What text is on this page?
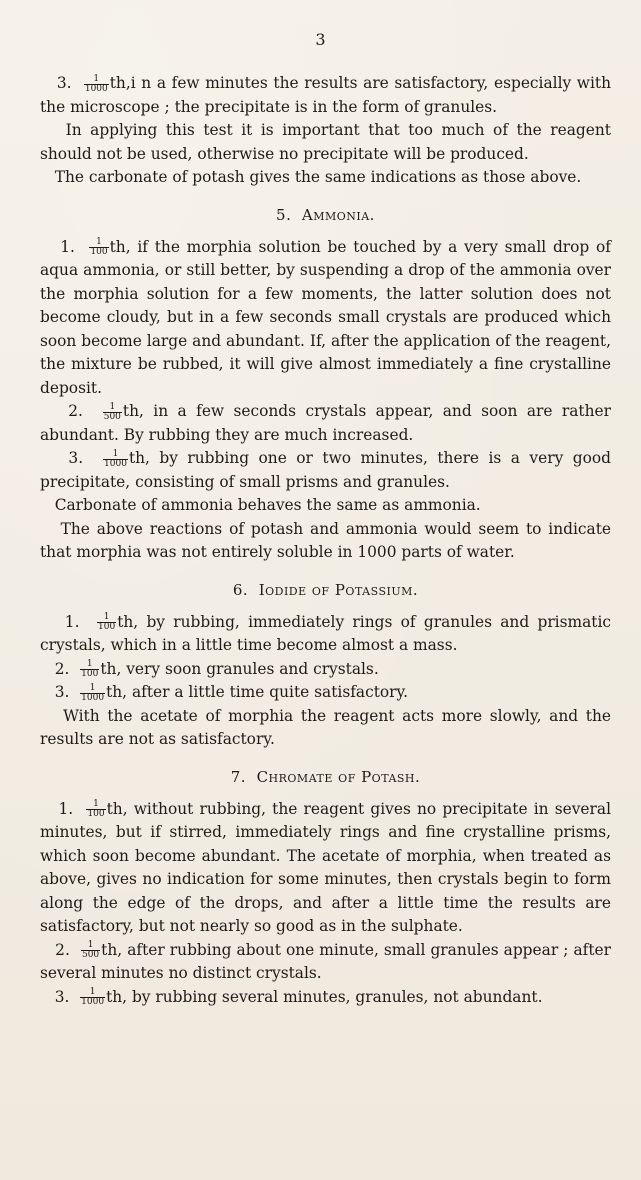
3

3. $\frac{1}{1000} th,i$ n a few minutes the results are satisfactory, especially with the microscope ; the precipitate is in the form of granules.

In applying this test it is important that too much of the reagent should not be used, otherwise no precipitate will be produced.

The carbonate of potash gives the same indications as those above.

5.  Ammonia.

1. $\frac{1}{100}$ th, if the morphia solution be touched by a very small drop of aqua ammonia, or still better, by suspending a drop of the ammonia over the morphia solution for a few moments, the latter solution does not become cloudy, but in a few seconds small crystals are produced which soon become large and abundant. If, after the application of the reagent, the mixture be rubbed, it will give almost immediately a fine crystalline deposit.

2. $\frac{1}{500}$ th, in a few seconds crystals appear, and soon are rather abundant. By rubbing they are much increased.

3. $\frac{1}{1000}$ th, by rubbing one or two minutes, there is a very good precipitate, consisting of small prisms and granules.

Carbonate of ammonia behaves the same as ammonia.

The above reactions of potash and ammonia would seem to indicate that morphia was not entirely soluble in 1000 parts of water.

6.  Iodide of Potassium.

1. $\frac{1}{100}$ th, by rubbing, immediately rings of granules and prismatic crystals, which in a little time become almost a mass.

2. $\frac{1}{100}$ th, very soon granules and crystals.

3. $\frac{1}{1000}$ th, after a little time quite satisfactory.

With the acetate of morphia the reagent acts more slowly, and the results are not as satisfactory.

7.  Chromate of Potash.

1. $\frac{1}{100}$ th, without rubbing, the reagent gives no precipitate in several minutes, but if stirred, immediately rings and fine crystalline prisms, which soon become abundant. The acetate of morphia, when treated as above, gives no indication for some minutes, then crystals begin to form along the edge of the drops, and after a little time the results are satisfactory, but not nearly so good as in the sulphate.

2. $\frac{1}{500}$ th, after rubbing about one minute, small granules appear ; after several minutes no distinct crystals.

3. $\frac{1}{1000}$ th, by rubbing several minutes, granules, not abundant.
